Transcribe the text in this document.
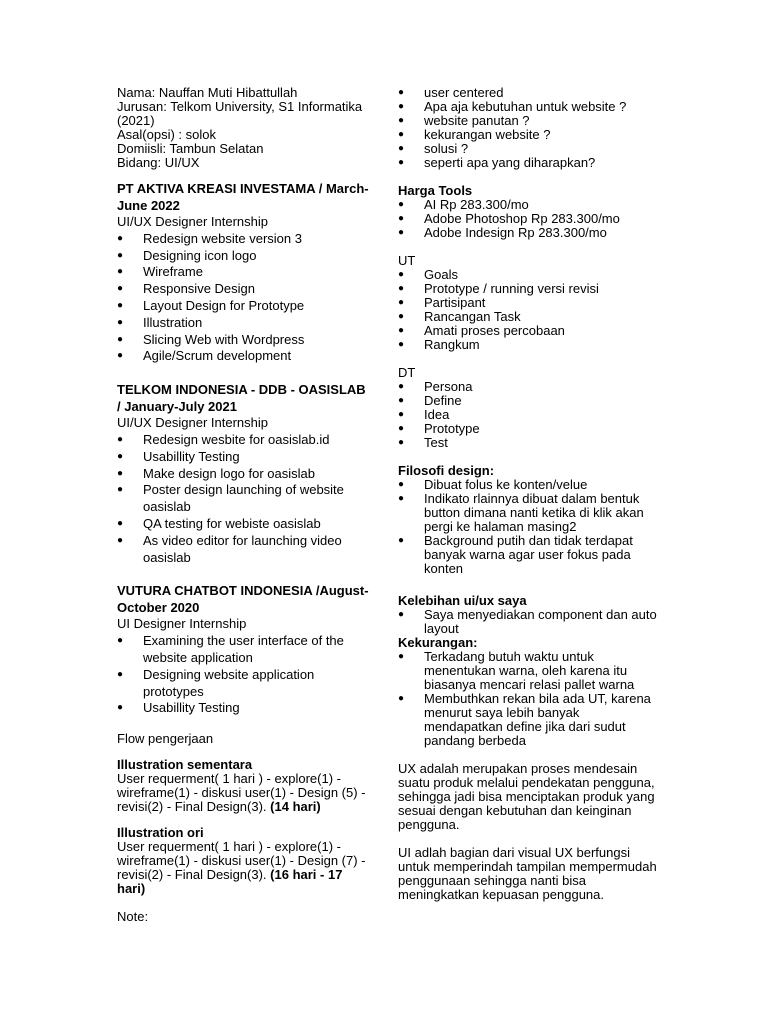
Nama: Nauffan Muti Hibattullah
Jurusan: Telkom University, S1 Informatika (2021)
Asal(opsi) : solok
Domiisli: Tambun Selatan
Bidang: UI/UX
PT AKTIVA KREASI INVESTAMA / March-June 2022
UI/UX Designer Internship
● Redesign website version 3
● Designing icon logo
● Wireframe
● Responsive Design
● Layout Design for Prototype
● Illustration
● Slicing Web with Wordpress
● Agile/Scrum development
TELKOM INDONESIA - DDB - OASISLAB / January-July 2021
UI/UX Designer Internship
● Redesign wesbite for oasislab.id
● Usabillity Testing
● Make design logo for oasislab
● Poster design launching of website oasislab
● QA testing for webiste oasislab
● As video editor for launching video oasislab
VUTURA CHATBOT INDONESIA /August-October 2020
UI Designer Internship
● Examining the user interface of the website application
● Designing website application prototypes
● Usabillity Testing
Flow pengerjaan
Illustration sementara

User requerment( 1 hari ) - explore(1) - wireframe(1) - diskusi user(1) - Design (5) - revisi(2) - Final Design(3). (14 hari)

Illustration ori

User requerment( 1 hari ) - explore(1) - wireframe(1) - diskusi user(1) - Design (7) - revisi(2) - Final Design(3). (16 hari - 17 hari)

Note:
● user centered
● Apa aja kebutuhan untuk website ?
● website panutan ?
● kekurangan website ?
● solusi ?
● seperti apa yang diharapkan?
Harga Tools
● AI Rp 283.300/mo
● Adobe Photoshop Rp 283.300/mo
● Adobe Indesign Rp 283.300/mo
UT
● Goals
● Prototype / running versi revisi
● Partisipant
● Rancangan Task
● Amati proses percobaan
● Rangkum
DT
● Persona
● Define
● Idea
● Prototype
● Test
Filosofi design:
● Dibuat folus ke konten/velue
● Indikato rlainnya dibuat dalam bentuk button dimana nanti ketika di klik akan pergi ke halaman masing2
● Background putih dan tidak terdapat banyak warna agar user fokus pada konten
Kelebihan ui/ux saya
● Saya menyediakan component dan auto layout
Kekurangan:
● Terkadang butuh waktu untuk menentukan warna, oleh karena itu biasanya mencari relasi pallet warna
● Membuthkan rekan bila ada UT, karena menurut saya lebih banyak mendapatkan define jika dari sudut pandang berbeda

UX adalah merupakan proses mendesain suatu produk melalui pendekatan pengguna, sehingga jadi bisa menciptakan produk yang sesuai dengan kebutuhan dan keinginan pengguna.

UI adlah bagian dari visual UX berfungsi untuk memperindah tampilan mempermudah penggunaan sehingga nanti bisa meningkatkan kepuasan pengguna.
